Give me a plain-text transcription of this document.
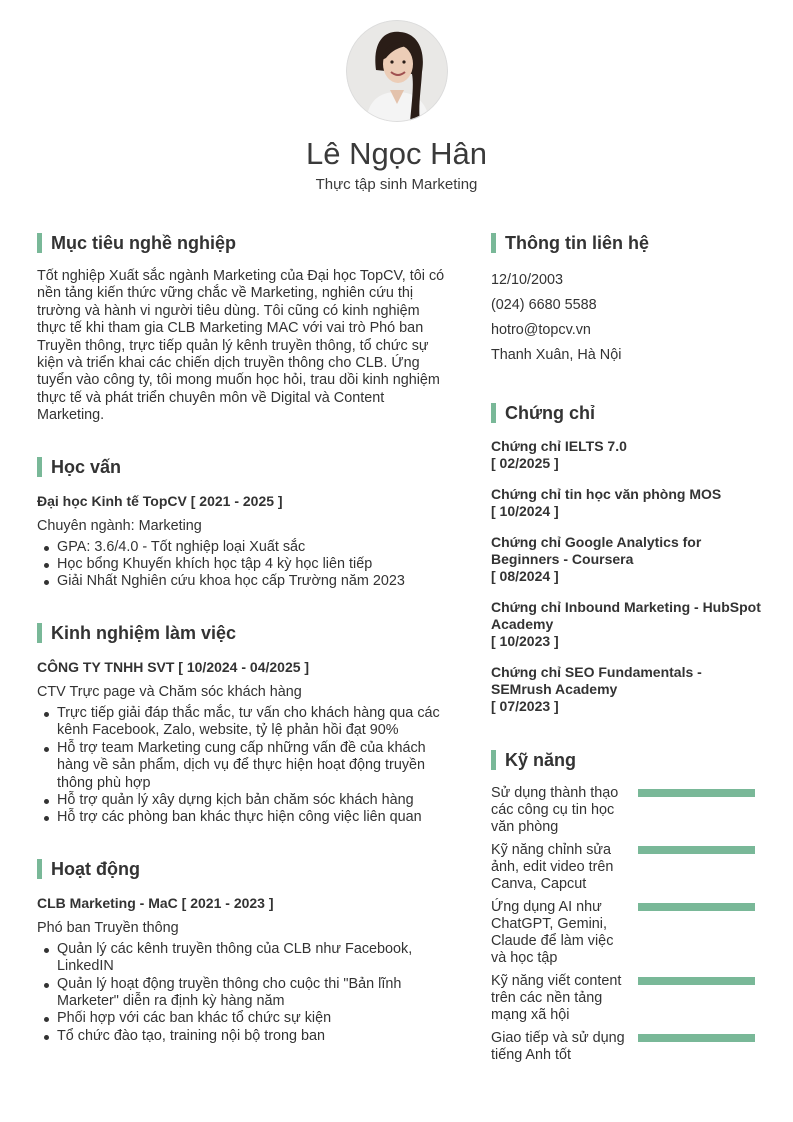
Lê Ngọc Hân
Thực tập sinh Marketing
Mục tiêu nghề nghiệp
Tốt nghiệp Xuất sắc ngành Marketing của Đại học TopCV, tôi có nền tảng kiến thức vững chắc về Marketing, nghiên cứu thị trường và hành vi người tiêu dùng. Tôi cũng có kinh nghiệm thực tế khi tham gia CLB Marketing MAC với vai trò Phó ban Truyền thông, trực tiếp quản lý kênh truyền thông, tổ chức sự kiện và triển khai các chiến dịch truyền thông cho CLB. Ứng tuyển vào công ty, tôi mong muốn học hỏi, trau dồi kinh nghiệm thực tế và phát triển chuyên môn về Digital và Content Marketing.
Học vấn
Đại học Kinh tế TopCV [ 2021 - 2025 ]
Chuyên ngành: Marketing
GPA: 3.6/4.0 - Tốt nghiệp loại Xuất sắc
Học bổng Khuyến khích học tập 4 kỳ học liên tiếp
Giải Nhất Nghiên cứu khoa học cấp Trường năm 2023
Kinh nghiệm làm việc
CÔNG TY TNHH SVT [ 10/2024 - 04/2025 ]
CTV Trực page và Chăm sóc khách hàng
Trực tiếp giải đáp thắc mắc, tư vấn cho khách hàng qua các kênh Facebook, Zalo, website, tỷ lệ phản hồi đạt 90%
Hỗ trợ team Marketing cung cấp những vấn đề của khách hàng về sản phẩm, dịch vụ để thực hiện hoạt động truyền thông phù hợp
Hỗ trợ quản lý xây dựng kịch bản chăm sóc khách hàng
Hỗ trợ các phòng ban khác thực hiện công việc liên quan
Hoạt động
CLB Marketing - MaC [ 2021 - 2023 ]
Phó ban Truyền thông
Quản lý các kênh truyền thông của CLB như Facebook, LinkedIN
Quản lý hoạt động truyền thông cho cuộc thi "Bản lĩnh Marketer" diễn ra định kỳ hàng năm
Phối hợp với các ban khác tổ chức sự kiện
Tổ chức đào tạo, training nội bộ trong ban
Thông tin liên hệ
12/10/2003
(024) 6680 5588
hotro@topcv.vn
Thanh Xuân, Hà Nội
Chứng chỉ
Chứng chỉ IELTS 7.0
[ 02/2025 ]
Chứng chỉ tin học văn phòng MOS
[ 10/2024 ]
Chứng chỉ Google Analytics for Beginners - Coursera
[ 08/2024 ]
Chứng chỉ Inbound Marketing - HubSpot Academy
[ 10/2023 ]
Chứng chỉ SEO Fundamentals - SEMrush Academy
[ 07/2023 ]
Kỹ năng
Sử dụng thành thạo các công cụ tin học văn phòng
Kỹ năng chỉnh sửa ảnh, edit video trên Canva, Capcut
Ứng dụng AI như ChatGPT, Gemini, Claude để làm việc và học tập
Kỹ năng viết content trên các nền tảng mạng xã hội
Giao tiếp và sử dụng tiếng Anh tốt
